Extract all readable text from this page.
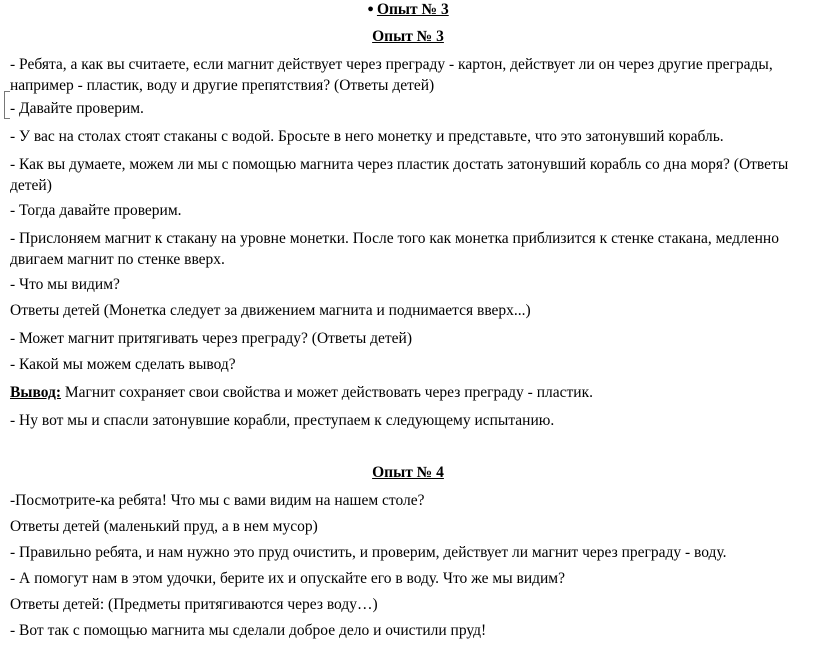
● Опыт № 3
Опыт № 3
- Ребята, а как вы считаете, если магнит действует через преграду - картон, действует ли он через другие преграды, например - пластик, воду и другие препятствия? (Ответы детей)
- Давайте проверим.
- У вас на столах стоят стаканы с водой. Бросьте в него монетку и представьте, что это затонувший корабль.
- Как вы думаете, можем ли мы с помощью магнита через пластик достать затонувший корабль со дна моря? (Ответы детей)
- Тогда давайте проверим.
- Прислоняем магнит к стакану на уровне монетки. После того как монетка приблизится к стенке стакана, медленно двигаем магнит по стенке вверх.
- Что мы видим?
Ответы детей (Монетка следует за движением магнита и поднимается вверх...)
- Может магнит притягивать через преграду? (Ответы детей)
- Какой мы можем сделать вывод?
Вывод: Магнит сохраняет свои свойства и может действовать через преграду - пластик.
- Ну вот мы и спасли затонувшие корабли, преступаем к следующему испытанию.
Опыт № 4
-Посмотрите-ка ребята! Что мы с вами видим на нашем столе?
Ответы детей (маленький пруд, а в нем мусор)
- Правильно ребята, и нам нужно это пруд очистить, и проверим, действует ли магнит через преграду - воду.
- А помогут нам в этом удочки, берите их и опускайте его в воду. Что же мы видим?
Ответы детей: (Предметы притягиваются через воду…)
- Вот так с помощью магнита мы сделали доброе дело и очистили пруд!
